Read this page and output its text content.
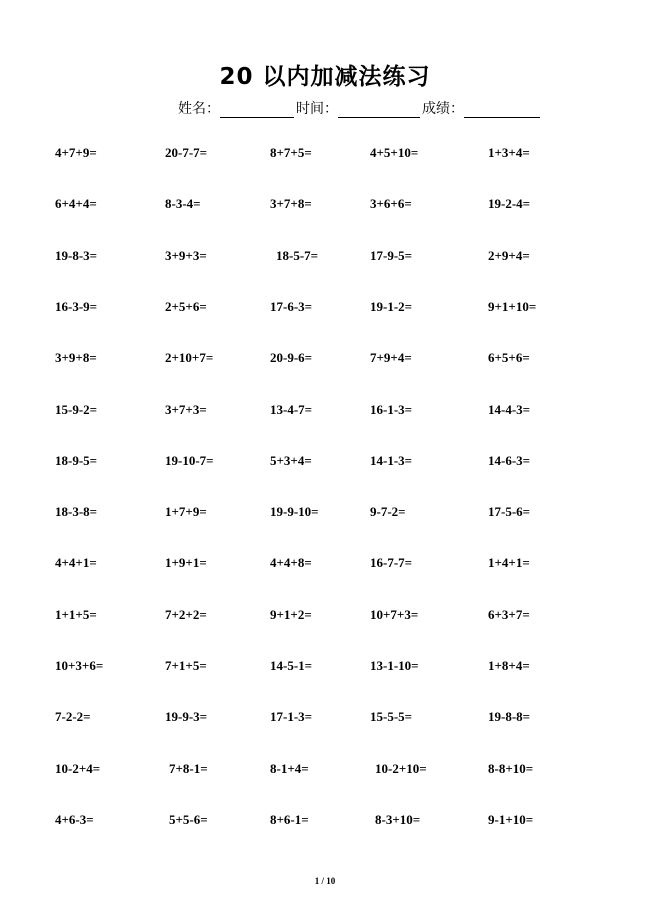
20 以内加减法练习
姓名：	时间：	成绩：
4+7+9=	20-7-7=	8+7+5=	4+5+10=	1+3+4=
6+4+4=	8-3-4=	3+7+8=	3+6+6=	19-2-4=
19-8-3=	3+9+3=	18-5-7=	17-9-5=	2+9+4=
16-3-9=	2+5+6=	17-6-3=	19-1-2=	9+1+10=
3+9+8=	2+10+7=	20-9-6=	7+9+4=	6+5+6=
15-9-2=	3+7+3=	13-4-7=	16-1-3=	14-4-3=
18-9-5=	19-10-7=	5+3+4=	14-1-3=	14-6-3=
18-3-8=	1+7+9=	19-9-10=	9-7-2=	17-5-6=
4+4+1=	1+9+1=	4+4+8=	16-7-7=	1+4+1=
1+1+5=	7+2+2=	9+1+2=	10+7+3=	6+3+7=
10+3+6=	7+1+5=	14-5-1=	13-1-10=	1+8+4=
7-2-2=	19-9-3=	17-1-3=	15-5-5=	19-8-8=
10-2+4=	7+8-1=	8-1+4=	10-2+10=	8-8+10=
4+6-3=	5+5-6=	8+6-1=	8-3+10=	9-1+10=
1 / 10
